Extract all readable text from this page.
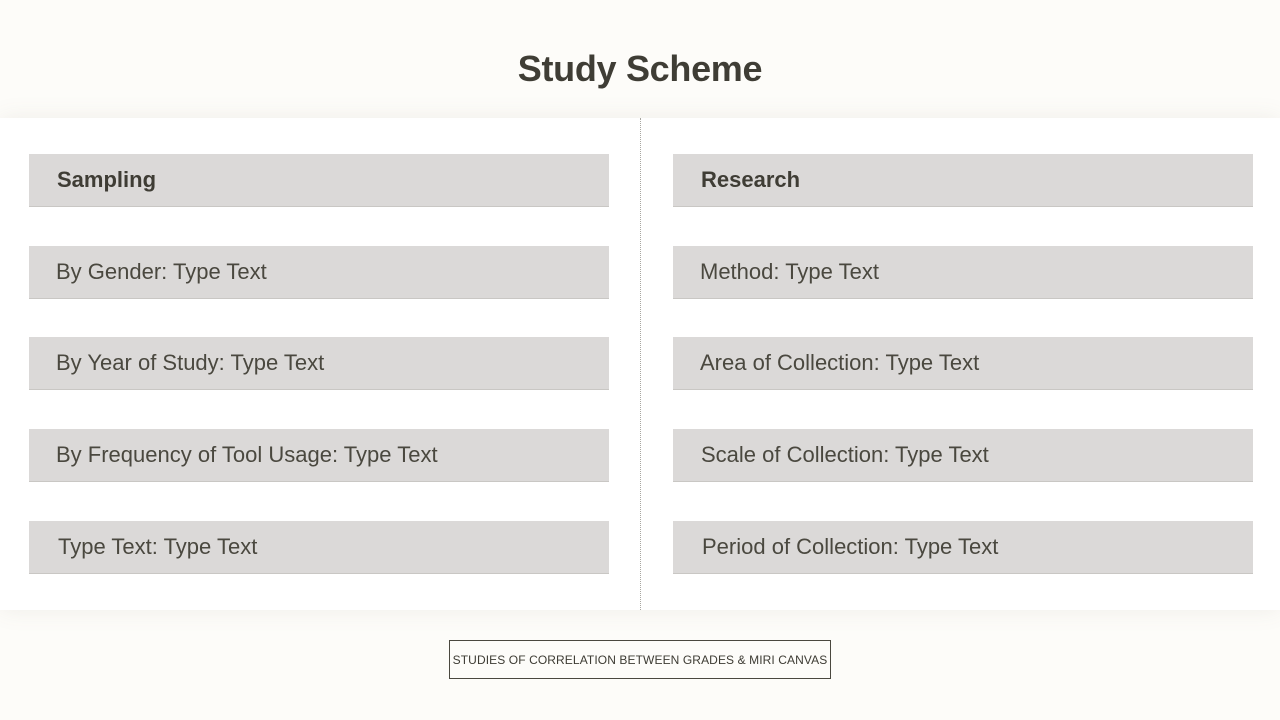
Study Scheme
Sampling
By Gender: Type Text
By Year of Study: Type Text
By Frequency of Tool Usage: Type Text
Type Text: Type Text
Research
Method: Type Text
Area of Collection: Type Text
Scale of Collection: Type Text
Period of Collection: Type Text
STUDIES OF CORRELATION BETWEEN GRADES & MIRI CANVAS
